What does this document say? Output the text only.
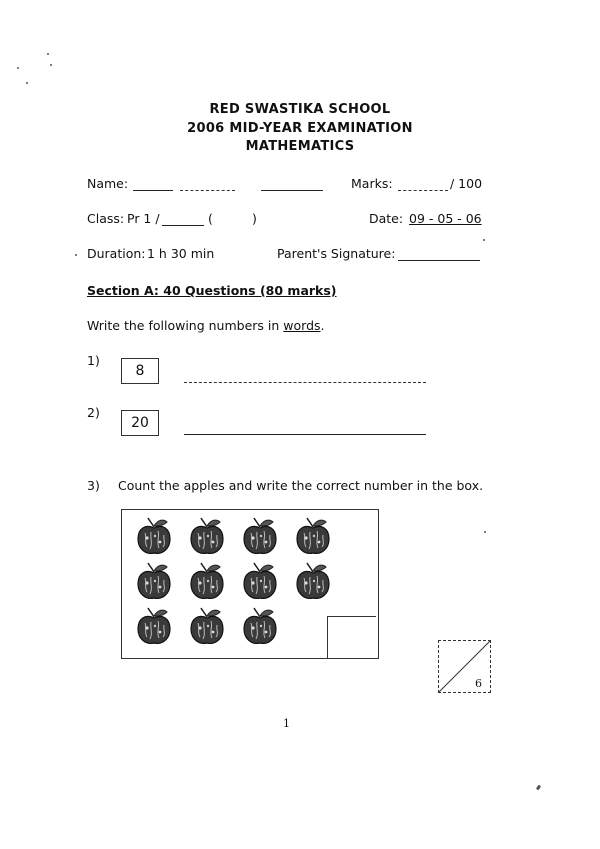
RED SWASTIKA SCHOOL
2006 MID-YEAR EXAMINATION
MATHEMATICS
Name:	Marks:	/ 100
Class: Pr 1 /	(	)	Date: 09 - 05 - 06
Duration: 1 h 30 min	Parent's Signature:
Section A: 40 Questions (80 marks)
Write the following numbers in words.
1)
8
2)
20
3) Count the apples and write the correct number in the box.
6
1
